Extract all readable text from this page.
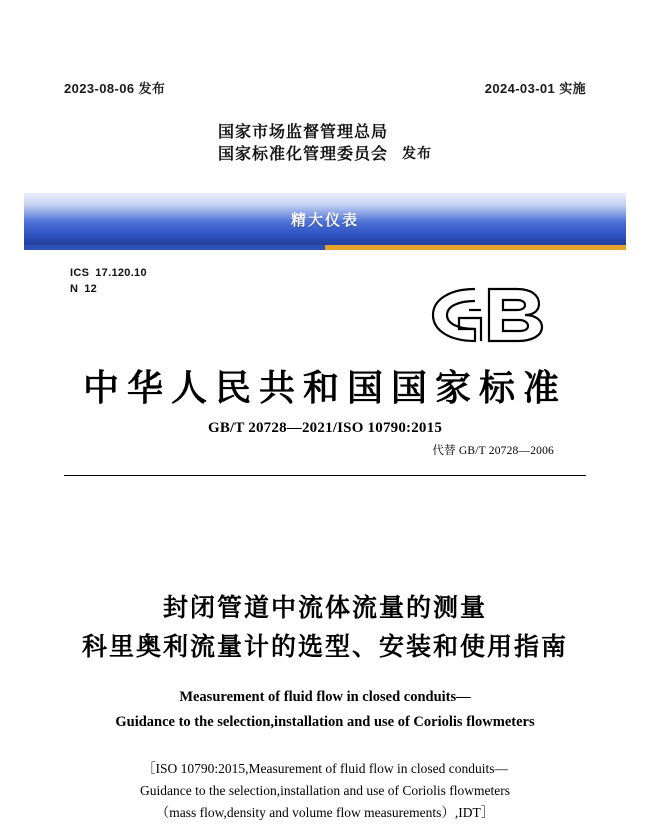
2023-08-06 发布	2024-03-01 实施
国家市场监督管理总局
国家标准化管理委员会 发布
精大仪表
ICS 17.120.10
N 12
中华人民共和国国家标准
GB/T 20728—2021/ISO 10790:2015
代替 GB/T 20728—2006
封闭管道中流体流量的测量
科里奥利流量计的选型、安装和使用指南
Measurement of fluid flow in closed conduits—
Guidance to the selection,installation and use of Coriolis flowmeters
［ISO 10790:2015,Measurement of fluid flow in closed conduits—
Guidance to the selection,installation and use of Coriolis flowmeters
（mass flow,density and volume flow measurements）,IDT］
